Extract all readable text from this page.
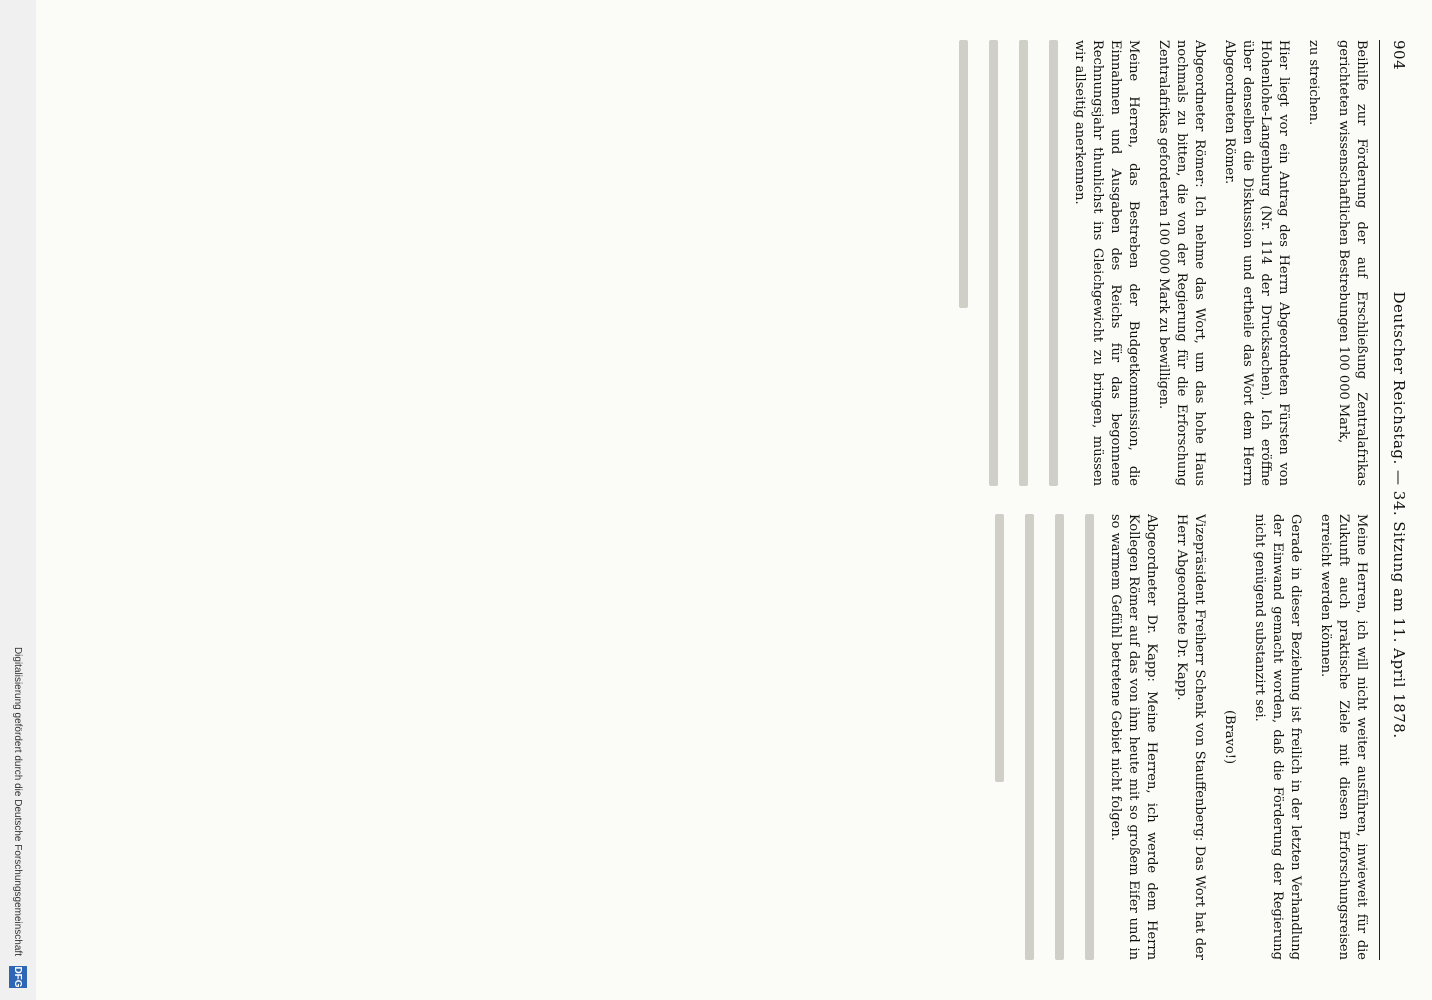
904
Deutscher Reichstag. — 34. Sitzung am 11. April 1878.

Beihilfe zur Förderung der auf Erschließung Zentralafrikas gerichteten wissenschaftlichen Bestrebungen 100 000 Mark,

zu streichen.

Hier liegt vor ein Antrag des Herrn Abgeordneten Fürsten von Hohenlohe-Langenburg (Nr. 114 der Drucksachen). Ich eröffne über denselben die Diskussion und ertheile das Wort dem Herrn Abgeordneten Römer.

Abgeordneter Römer: Ich nehme das Wort, um das hohe Haus nochmals zu bitten, die von der Regierung für die Erforschung Zentralafrikas geforderten 100 000 Mark zu bewilligen.

Meine Herren, das Bestreben der Budgetkommission, die Einnahmen und Ausgaben des Reichs für das begonnene Rechnungsjahr thunlichst ins Gleichgewicht zu bringen, müssen wir allseitig anerkennen.

Meine Herren, ich will nicht weiter ausführen, inwieweit für die Zukunft auch praktische Ziele mit diesen Erforschungsreisen erreicht werden können.

Gerade in dieser Beziehung ist freilich in der letzten Verhandlung der Einwand gemacht worden, daß die Förderung der Regierung nicht genügend substanzirt sei.

(Bravo!)

Vizepräsident Freiherr Schenk von Stauffenberg: Das Wort hat der Herr Abgeordnete Dr. Kapp.

Abgeordneter Dr. Kapp: Meine Herren, ich werde dem Herrn Kollegen Römer auf das von ihm heute mit so großem Eifer und in so warmem Gefühl betretene Gebiet nicht folgen.

Digitalisierung gefördert durch die Deutsche Forschungsgemeinschaft
DFG
